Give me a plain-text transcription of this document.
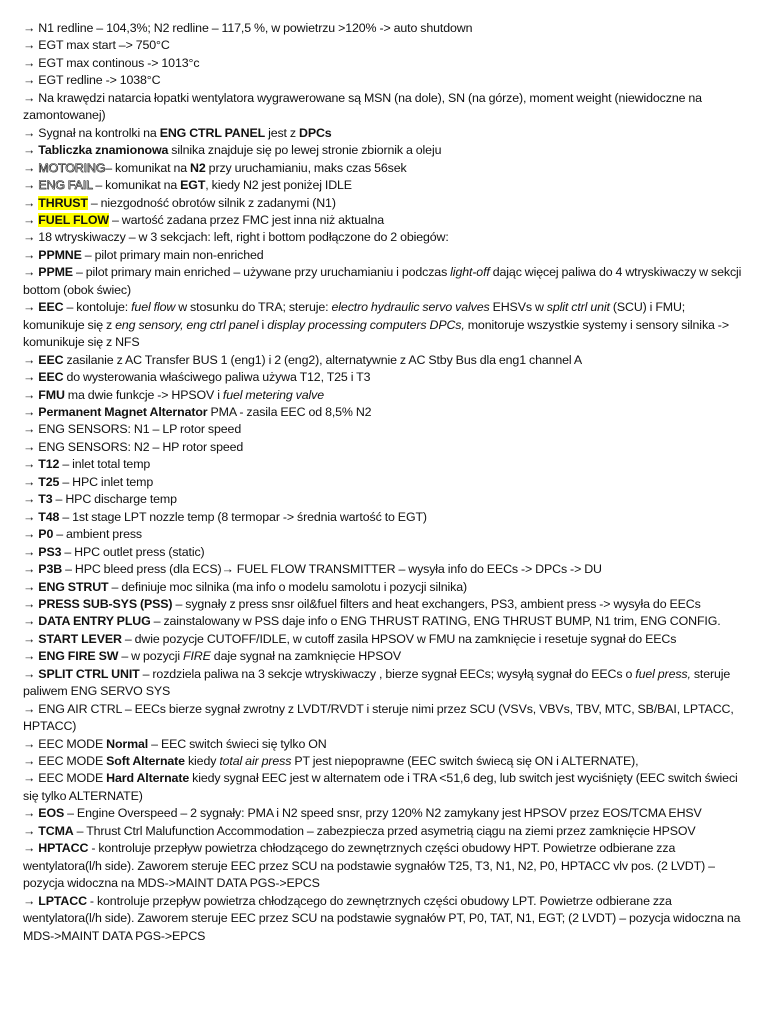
→ N1 redline – 104,3%; N2 redline – 117,5 %, w powietrzu >120% -> auto shutdown
→ EGT max start –> 750°C
→ EGT max continous -> 1013°c
→ EGT redline -> 1038°C
→ Na krawędzi natarcia łopatki wentylatora wygrawerowane są MSN (na dole), SN (na górze), moment weight (niewidoczne na zamontowanej)
→ Sygnał na kontrolki na ENG CTRL PANEL jest z DPCs
→ Tabliczka znamionowa silnika znajduje się po lewej stronie zbiornik a oleju
→ MOTORING– komunikat na N2 przy uruchamianiu, maks czas 56sek
→ ENG FAIL – komunikat na EGT, kiedy N2 jest poniżej IDLE
→ THRUST – niezgodność obrotów silnik z zadanymi (N1)
→ FUEL FLOW – wartość zadana przez FMC jest inna niż aktualna
→ 18 wtryskiwaczy – w 3 sekcjach: left, right i bottom podłączone do 2 obiegów:
→ PPMNE – pilot primary main non-enriched
→ PPME – pilot primary main enriched – używane przy uruchamianiu i podczas light-off dając więcej paliwa do 4 wtryskiwaczy w sekcji bottom (obok świec)
→ EEC – kontoluje: fuel flow w stosunku do TRA; steruje: electro hydraulic servo valves EHSVs w split ctrl unit (SCU) i FMU; komunikuje się z eng sensory, eng ctrl panel i display processing computers DPCs, monitoruje wszystkie systemy i sensory silnika -> komunikuje się z NFS
→ EEC zasilanie z AC Transfer BUS 1 (eng1) i 2 (eng2), alternatywnie z AC Stby Bus dla eng1 channel A
→ EEC do wysterowania właściwego paliwa używa T12, T25 i T3
→ FMU ma dwie funkcje -> HPSOV i fuel metering valve
→ Permanent Magnet Alternator PMA - zasila EEC od 8,5% N2
→ ENG SENSORS: N1 – LP rotor speed
→ ENG SENSORS: N2 – HP rotor speed
→ T12 – inlet total temp
→ T25 – HPC inlet temp
→ T3 – HPC discharge temp
→ T48 – 1st stage LPT nozzle temp (8 termopar -> średnia wartość to EGT)
→ P0 – ambient press
→ PS3 – HPC outlet press (static)
→ P3B – HPC bleed press (dla ECS)→ FUEL FLOW TRANSMITTER – wysyła info do EECs -> DPCs -> DU
→ ENG STRUT – definiuje moc silnika (ma info o modelu samolotu i pozycji silnika)
→ PRESS SUB-SYS (PSS) – sygnały z press snsr oil&fuel filters and heat exchangers, PS3, ambient press -> wysyła do EECs
→ DATA ENTRY PLUG – zainstalowany w PSS daje info o ENG THRUST RATING, ENG THRUST BUMP, N1 trim, ENG CONFIG.
→ START LEVER – dwie pozycje CUTOFF/IDLE, w cutoff zasila HPSOV w FMU na zamknięcie i resetuje sygnał do EECs
→ ENG FIRE SW – w pozycji FIRE daje sygnał na zamknięcie HPSOV
→ SPLIT CTRL UNIT – rozdziela paliwa na 3 sekcje wtryskiwaczy , bierze sygnał EECs; wysyłą sygnał do EECs o fuel press, steruje paliwem ENG SERVO SYS
→ ENG AIR CTRL – EECs bierze sygnał zwrotny z LVDT/RVDT i steruje nimi przez SCU (VSVs, VBVs, TBV, MTC, SB/BAI, LPTACC, HPTACC)
→ EEC MODE Normal – EEC switch świeci się tylko ON
→ EEC MODE Soft Alternate kiedy total air press PT jest niepoprawne (EEC switch świecą się ON i ALTERNATE),
→ EEC MODE Hard Alternate kiedy sygnał EEC jest w alternatem ode i TRA <51,6 deg, lub switch jest wyciśnięty (EEC switch świeci się tylko ALTERNATE)
→ EOS – Engine Overspeed – 2 sygnały: PMA i N2 speed snsr, przy 120% N2 zamykany jest HPSOV przez EOS/TCMA EHSV
→ TCMA – Thrust Ctrl Malufunction Accommodation – zabezpiecza przed asymetrią ciągu na ziemi przez zamknięcie HPSOV
→ HPTACC - kontroluje przepływ powietrza chłodzącego do zewnętrznych części obudowy HPT. Powietrze odbierane zza wentylatora(l/h side). Zaworem steruje EEC przez SCU na podstawie sygnałów T25, T3, N1, N2, P0, HPTACC vlv pos. (2 LVDT) – pozycja widoczna na MDS->MAINT DATA PGS->EPCS
→ LPTACC - kontroluje przepływ powietrza chłodzącego do zewnętrznych części obudowy LPT. Powietrze odbierane zza wentylatora(l/h side). Zaworem steruje EEC przez SCU na podstawie sygnałów PT, P0, TAT, N1, EGT; (2 LVDT) – pozycja widoczna na MDS->MAINT DATA PGS->EPCS
